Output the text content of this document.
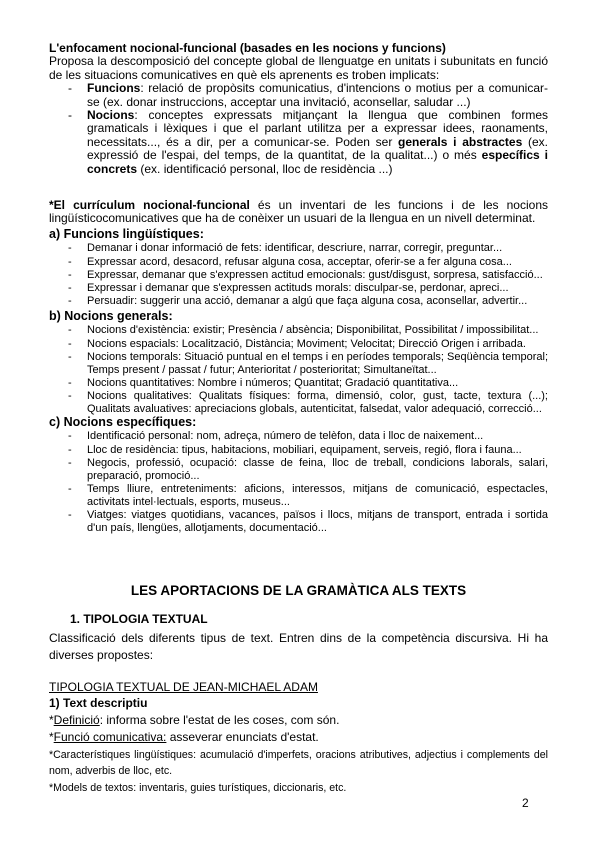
L'enfocament nocional-funcional (basades en les nocions y funcions)
Proposa la descomposició del concepte global de llenguatge en unitats i subunitats en funció de les situacions comunicatives en què els aprenents es troben implicats:
- Funcions: relació de propòsits comunicatius, d'intencions o motius per a comunicar-se (ex. donar instruccions, acceptar una invitació, aconsellar, saludar ...)
- Nocions: conceptes expressats mitjançant la llengua que combinen formes gramaticals i lèxiques i que el parlant utilitza per a expressar idees, raonaments, necessitats..., és a dir, per a comunicar-se. Poden ser generals i abstractes (ex. expressió de l'espai, del temps, de la quantitat, de la qualitat...) o més específics i concrets (ex. identificació personal, lloc de residència ...)
*El currículum nocional-funcional és un inventari de les funcions i de les nocions lingüísticocomunicatives que ha de conèixer un usuari de la llengua en un nivell determinat.
a) Funcions lingüístiques:
- Demanar i donar informació de fets: identificar, descriure, narrar, corregir, preguntar...
- Expressar acord, desacord, refusar alguna cosa, acceptar, oferir-se a fer alguna cosa...
- Expressar, demanar que s'expressen actitud emocionals: gust/disgust, sorpresa, satisfacció...
- Expressar i demanar que s'expressen actituds morals: disculpar-se, perdonar, apreci...
- Persuadir: suggerir una acció, demanar a algú que faça alguna cosa, aconsellar, advertir...
b) Nocions generals:
- Nocions d'existència: existir; Presència / absència; Disponibilitat, Possibilitat / impossibilitat...
- Nocions espacials: Localització, Distància; Moviment; Velocitat; Direcció Origen i arribada.
- Nocions temporals: Situació puntual en el temps i en períodes temporals; Seqüència temporal; Temps present / passat / futur; Anterioritat / posterioritat; Simultaneïtat...
- Nocions quantitatives: Nombre i números; Quantitat; Gradació quantitativa...
- Nocions qualitatives: Qualitats físiques: forma, dimensió, color, gust, tacte, textura (...); Qualitats avaluatives: apreciacions globals, autenticitat, falsedat, valor adequació, correcció...
c) Nocions específiques:
- Identificació personal: nom, adreça, número de telèfon, data i lloc de naixement...
- Lloc de residència: tipus, habitacions, mobiliari, equipament, serveis, regió, flora i fauna...
- Negocis, professió, ocupació: classe de feina, lloc de treball, condicions laborals, salari, preparació, promoció...
- Temps lliure, entreteniments: aficions, interessos, mitjans de comunicació, espectacles, activitats intel·lectuals, esports, museus...
- Viatges: viatges quotidians, vacances, països i llocs, mitjans de transport, entrada i sortida d'un país, llengües, allotjaments, documentació...
LES APORTACIONS DE LA GRAMÀTICA ALS TEXTS
1. TIPOLOGIA TEXTUAL
Classificació dels diferents tipus de text. Entren dins de la competència discursiva. Hi ha diverses propostes:
TIPOLOGIA TEXTUAL DE JEAN-MICHAEL ADAM
1) Text descriptiu
*Definició: informa sobre l'estat de les coses, com són.
*Funció comunicativa: asseverar enunciats d'estat.
*Característiques lingüístiques: acumulació d'imperfets, oracions atributives, adjectius i complements del nom, adverbis de lloc, etc.
*Models de textos: inventaris, guies turístiques, diccionaris, etc.
2
